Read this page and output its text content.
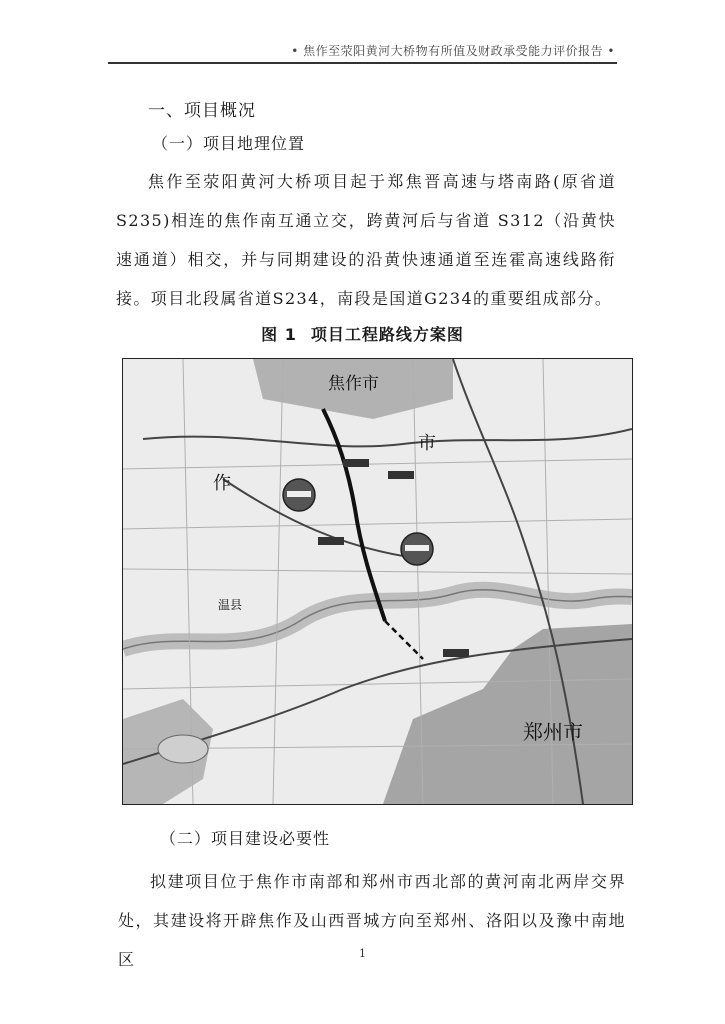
• 焦作至荥阳黄河大桥物有所值及财政承受能力评价报告 •
一、项目概况
（一）项目地理位置
焦作至荥阳黄河大桥项目起于郑焦晋高速与塔南路(原省道S235)相连的焦作南互通立交，跨黄河后与省道 S312（沿黄快速通道）相交，并与同期建设的沿黄快速通道至连霍高速线路衔接。项目北段属省道S234，南段是国道G234的重要组成部分。
图 1 项目工程路线方案图
焦作市
市
作
温县
郑州市
（二）项目建设必要性
拟建项目位于焦作市南部和郑州市西北部的黄河南北两岸交界处，其建设将开辟焦作及山西晋城方向至郑州、洛阳以及豫中南地区	1
